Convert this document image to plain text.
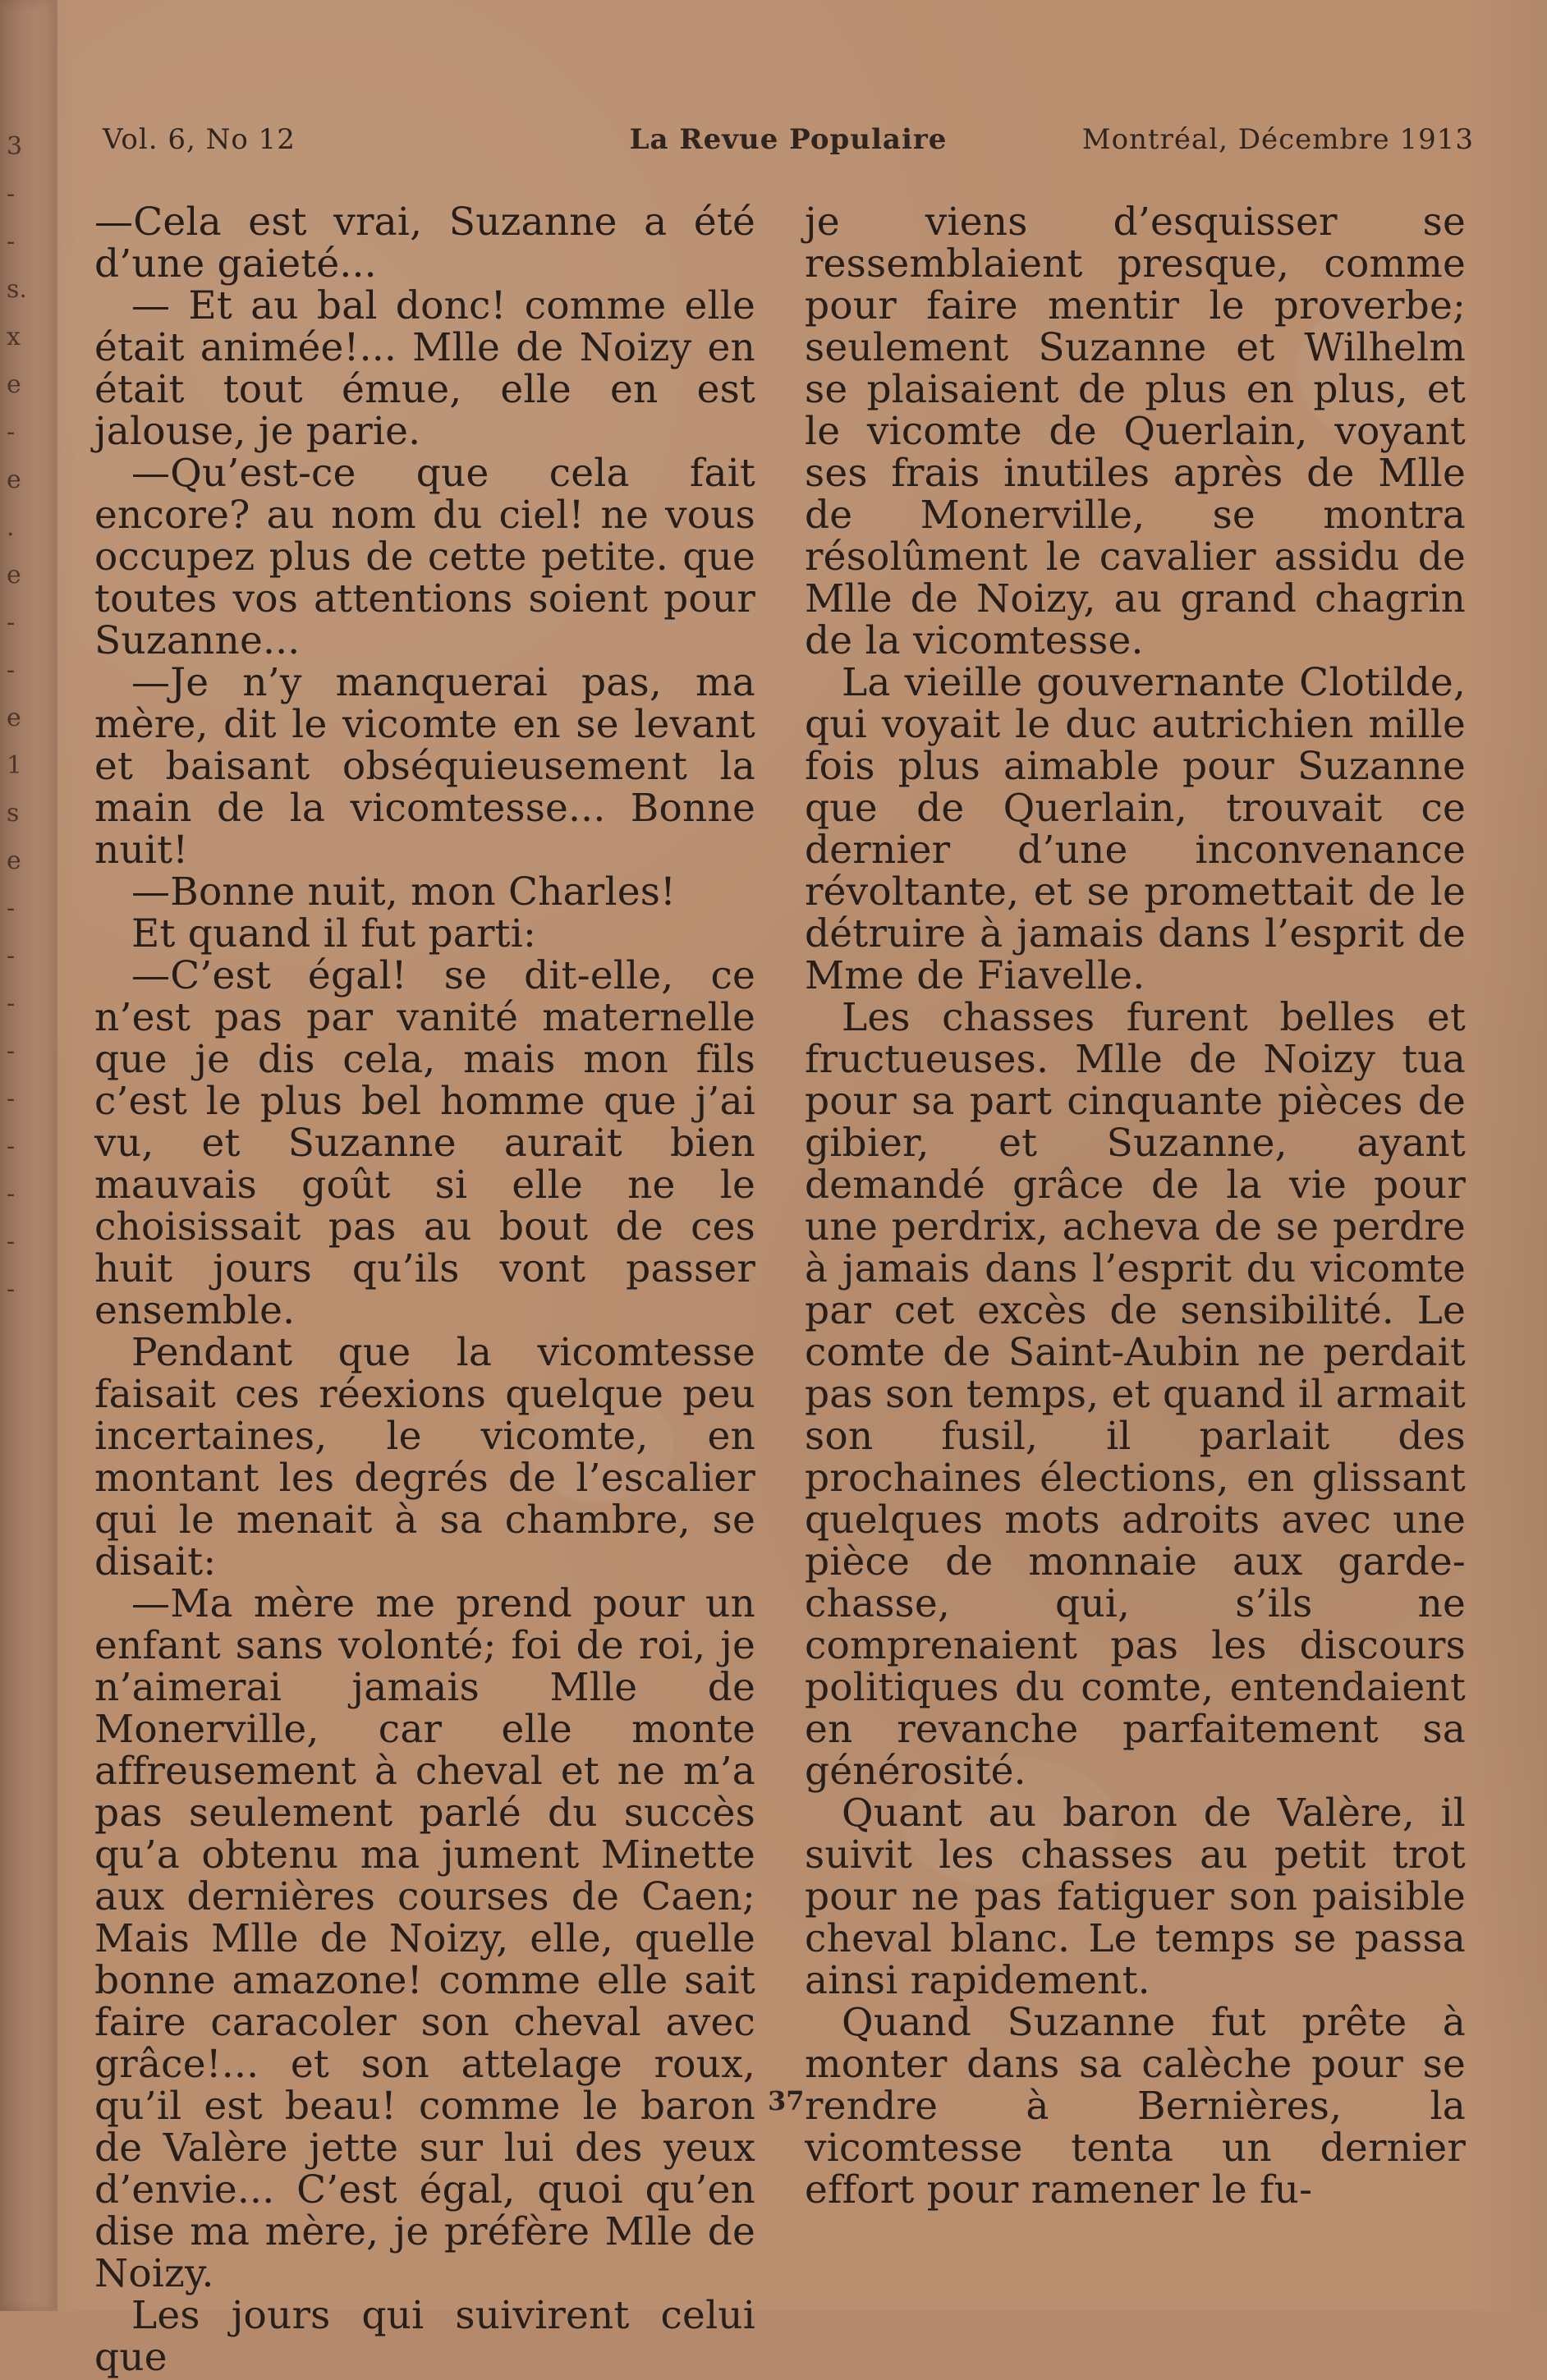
3
-
-
s.
x
e
-
e
.
e
-
-
e
1
s
e
-
-
-
-
-
-
-
-
-
Vol. 6, No 12	La Revue Populaire	Montréal, Décembre 1913

—Cela est vrai, Suzanne a été d’une gaieté...

— Et au bal donc! comme elle était animée!... Mlle de Noizy en était tout émue, elle en est jalouse, je parie.

—Qu’est-ce que cela fait encore? au nom du ciel! ne vous occupez plus de cette petite. que toutes vos attentions soient pour Suzanne...

—Je n’y manquerai pas, ma mère, dit le vicomte en se levant et baisant obséquieusement la main de la vicomtesse... Bonne nuit!

—Bonne nuit, mon Charles!

Et quand il fut parti:

—C’est égal! se dit-elle, ce n’est pas par vanité maternelle que je dis cela, mais mon fils c’est le plus bel homme que j’ai vu, et Suzanne aurait bien mauvais goût si elle ne le choisissait pas au bout de ces huit jours qu’ils vont passer ensemble.

Pendant que la vicomtesse faisait ces réexions quelque peu incertaines, le vicomte, en montant les degrés de l’escalier qui le menait à sa chambre, se disait:

—Ma mère me prend pour un enfant sans volonté; foi de roi, je n’aimerai jamais Mlle de Monerville, car elle monte affreusement à cheval et ne m’a pas seulement parlé du succès qu’a obtenu ma jument Minette aux dernières courses de Caen; Mais Mlle de Noizy, elle, quelle bonne amazone! comme elle sait faire caracoler son cheval avec grâce!... et son attelage roux, qu’il est beau! comme le baron de Valère jette sur lui des yeux d’envie... C’est égal, quoi qu’en dise ma mère, je préfère Mlle de Noizy.

Les jours qui suivirent celui que

je viens d’esquisser se ressemblaient presque, comme pour faire mentir le proverbe; seulement Suzanne et Wilhelm se plaisaient de plus en plus, et le vicomte de Querlain, voyant ses frais inutiles après de Mlle de Monerville, se montra résolûment le cavalier assidu de Mlle de Noizy, au grand chagrin de la vicomtesse.

La vieille gouvernante Clotilde, qui voyait le duc autrichien mille fois plus aimable pour Suzanne que de Querlain, trouvait ce dernier d’une inconvenance révoltante, et se promettait de le détruire à jamais dans l’esprit de Mme de Fiavelle.

Les chasses furent belles et fructueuses. Mlle de Noizy tua pour sa part cinquante pièces de gibier, et Suzanne, ayant demandé grâce de la vie pour une perdrix, acheva de se perdre à jamais dans l’esprit du vicomte par cet excès de sensibilité. Le comte de Saint-Aubin ne perdait pas son temps, et quand il armait son fusil, il parlait des prochaines élections, en glissant quelques mots adroits avec une pièce de monnaie aux garde-chasse, qui, s’ils ne comprenaient pas les discours politiques du comte, entendaient en revanche parfaitement sa générosité.

Quant au baron de Valère, il suivit les chasses au petit trot pour ne pas fatiguer son paisible cheval blanc. Le temps se passa ainsi rapidement.

Quand Suzanne fut prête à monter dans sa calèche pour se rendre à Bernières, la vicomtesse tenta un dernier effort pour ramener le fu-

37
